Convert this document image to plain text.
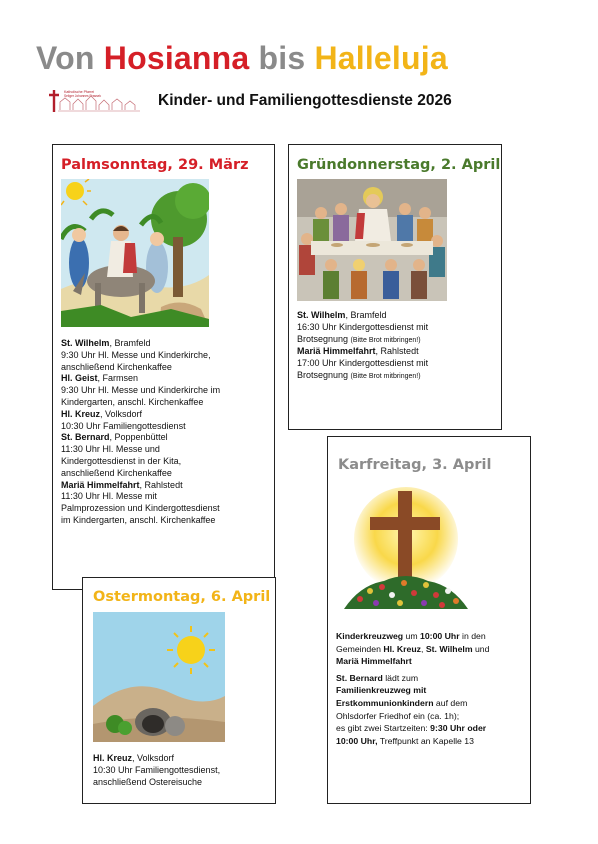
Von Hosianna bis Halleluja
Katholische Pfarrei
Seliger Johannes Prassek	Kinder- und Familiengottesdienste 2026
Palmsonntag, 29. März

St. Wilhelm, Bramfeld

9:30 Uhr Hl. Messe und Kinderkirche,

anschließend Kirchenkaffee

Hl. Geist, Farmsen

9:30 Uhr Hl. Messe und Kinderkirche im

Kindergarten, anschl. Kirchenkaffee

Hl. Kreuz, Volksdorf

10:30 Uhr Familiengottesdienst

St. Bernard, Poppenbüttel

11:30 Uhr Hl. Messe und

Kindergottesdienst in der Kita,

anschließend Kirchenkaffee

Mariä Himmelfahrt, Rahlstedt

11:30 Uhr Hl. Messe mit

Palmprozession und Kindergottesdienst

im Kindergarten, anschl. Kirchenkaffee

Gründonnerstag, 2. April

St. Wilhelm, Bramfeld

16:30 Uhr Kindergottesdienst mit

Brotsegnung (Bitte Brot mitbringen!)

Mariä Himmelfahrt, Rahlstedt

17:00 Uhr Kindergottesdienst mit

Brotsegnung (Bitte Brot mitbringen!)

Ostermontag, 6. April

Hl. Kreuz, Volksdorf

10:30 Uhr Familiengottesdienst,

anschließend Ostereisuche

Karfreitag, 3. April

Kinderkreuzweg um 10:00 Uhr in den

Gemeinden Hl. Kreuz, St. Wilhelm und

Mariä Himmelfahrt

St. Bernard lädt zum

Familienkreuzweg mit

Erstkommunionkindern auf dem

Ohlsdorfer Friedhof ein (ca. 1h);

es gibt zwei Startzeiten: 9:30 Uhr oder

10:00 Uhr, Treffpunkt an Kapelle 13
